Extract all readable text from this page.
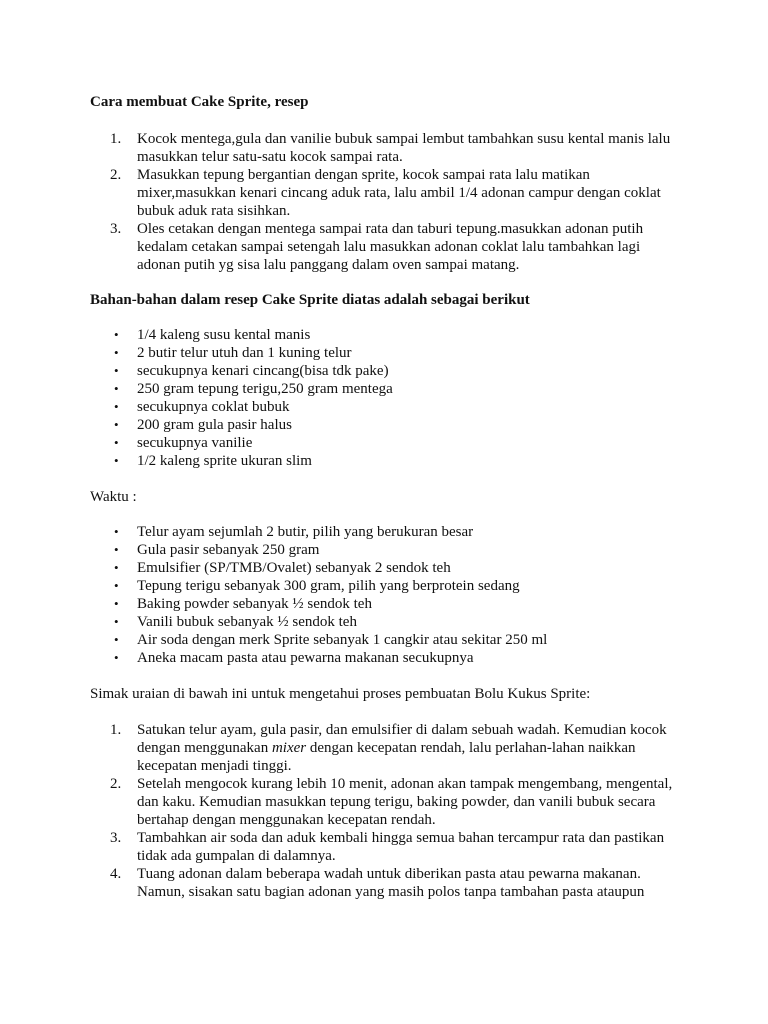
Cara membuat Cake Sprite, resep
1. Kocok mentega,gula dan vanilie bubuk sampai lembut tambahkan susu kental manis lalu
masukkan telur satu-satu kocok sampai rata.
2. Masukkan tepung bergantian dengan sprite, kocok sampai rata lalu matikan
mixer,masukkan kenari cincang aduk rata, lalu ambil 1/4 adonan campur dengan coklat
bubuk aduk rata sisihkan.
3. Oles cetakan dengan mentega sampai rata dan taburi tepung.masukkan adonan putih
kedalam cetakan sampai setengah lalu masukkan adonan coklat lalu tambahkan lagi
adonan putih yg sisa lalu panggang dalam oven sampai matang.
Bahan-bahan dalam resep Cake Sprite diatas adalah sebagai berikut
• 1/4 kaleng susu kental manis
• 2 butir telur utuh dan 1 kuning telur
• secukupnya kenari cincang(bisa tdk pake)
• 250 gram tepung terigu,250 gram mentega
• secukupnya coklat bubuk
• 200 gram gula pasir halus
• secukupnya vanilie
• 1/2 kaleng sprite ukuran slim
Waktu :
• Telur ayam sejumlah 2 butir, pilih yang berukuran besar
• Gula pasir sebanyak 250 gram
• Emulsifier (SP/TMB/Ovalet) sebanyak 2 sendok teh
• Tepung terigu sebanyak 300 gram, pilih yang berprotein sedang
• Baking powder sebanyak ½ sendok teh
• Vanili bubuk sebanyak ½ sendok teh
• Air soda dengan merk Sprite sebanyak 1 cangkir atau sekitar 250 ml
• Aneka macam pasta atau pewarna makanan secukupnya
Simak uraian di bawah ini untuk mengetahui proses pembuatan Bolu Kukus Sprite:
1. Satukan telur ayam, gula pasir, dan emulsifier di dalam sebuah wadah. Kemudian kocok
dengan menggunakan mixer dengan kecepatan rendah, lalu perlahan-lahan naikkan
kecepatan menjadi tinggi.
2. Setelah mengocok kurang lebih 10 menit, adonan akan tampak mengembang, mengental,
dan kaku. Kemudian masukkan tepung terigu, baking powder, dan vanili bubuk secara
bertahap dengan menggunakan kecepatan rendah.
3. Tambahkan air soda dan aduk kembali hingga semua bahan tercampur rata dan pastikan
tidak ada gumpalan di dalamnya.
4. Tuang adonan dalam beberapa wadah untuk diberikan pasta atau pewarna makanan.
Namun, sisakan satu bagian adonan yang masih polos tanpa tambahan pasta ataupun
